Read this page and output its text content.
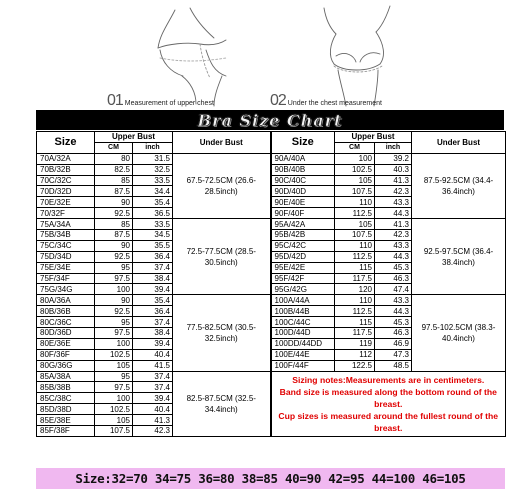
01 Measurement of upper chest	02 Under the chest measurement
Bra Size Chart
Size	Upper Bust		Under Bust	Size	Upper Bust		Under Bust
	CM	inch			CM	inch	
70A/32A	80	31.5	67.5-72.5CM (26.6-28.5inch)	90A/40A	100	39.2	87.5-92.5CM (34.4-36.4inch)
70B/32B	82.5	32.5		90B/40B	102.5	40.3	
70C/32C	85	33.5		90C/40C	105	41.3	
70D/32D	87.5	34.4		90D/40D	107.5	42.3	
70E/32E	90	35.4		90E/40E	110	43.3	
70/32F	92.5	36.5		90F/40F	112.5	44.3	
75A/34A	85	33.5	72.5-77.5CM (28.5-30.5inch)	95A/42A	105	41.3	92.5-97.5CM (36.4-38.4inch)
75B/34B	87.5	34.5		95B/42B	107.5	42.3	
75C/34C	90	35.5		95C/42C	110	43.3	
75D/34D	92.5	36.4		95D/42D	112.5	44.3	
75E/34E	95	37.4		95E/42E	115	45.3	
75F/34F	97.5	38.4		95F/42F	117.5	46.3	
75G/34G	100	39.4		95G/42G	120	47.4	
80A/36A	90	35.4	77.5-82.5CM (30.5-32.5inch)	100A/44A	110	43.3	97.5-102.5CM (38.3-40.4inch)
80B/36B	92.5	36.4		100B/44B	112.5	44.3	
80C/36C	95	37.4		100C/44C	115	45.3	
80D/36D	97.5	38.4		100D/44D	117.5	46.3	
80E/36E	100	39.4		100DD/44DD	119	46.9	
80F/36F	102.5	40.4		100E/44E	112	47.3	
80G/36G	105	41.5		100F/44F	122.5	48.5	
85A/38A	95	37.4	82.5-87.5CM (32.5-34.4inch)	Sizing notes:Measurements are in centimeters.
Band size is measured along the bottom round of the breast.
Cup sizes is measured around the fullest round of the breast.			

85B/38B	97.5	37.4					
85C/38C	100	39.4					
85D/38D	102.5	40.4					
85E/38E	105	41.3					
85F/38F	107.5	42.3					
Size:32=70 34=75 36=80 38=85 40=90 42=95 44=100 46=105
